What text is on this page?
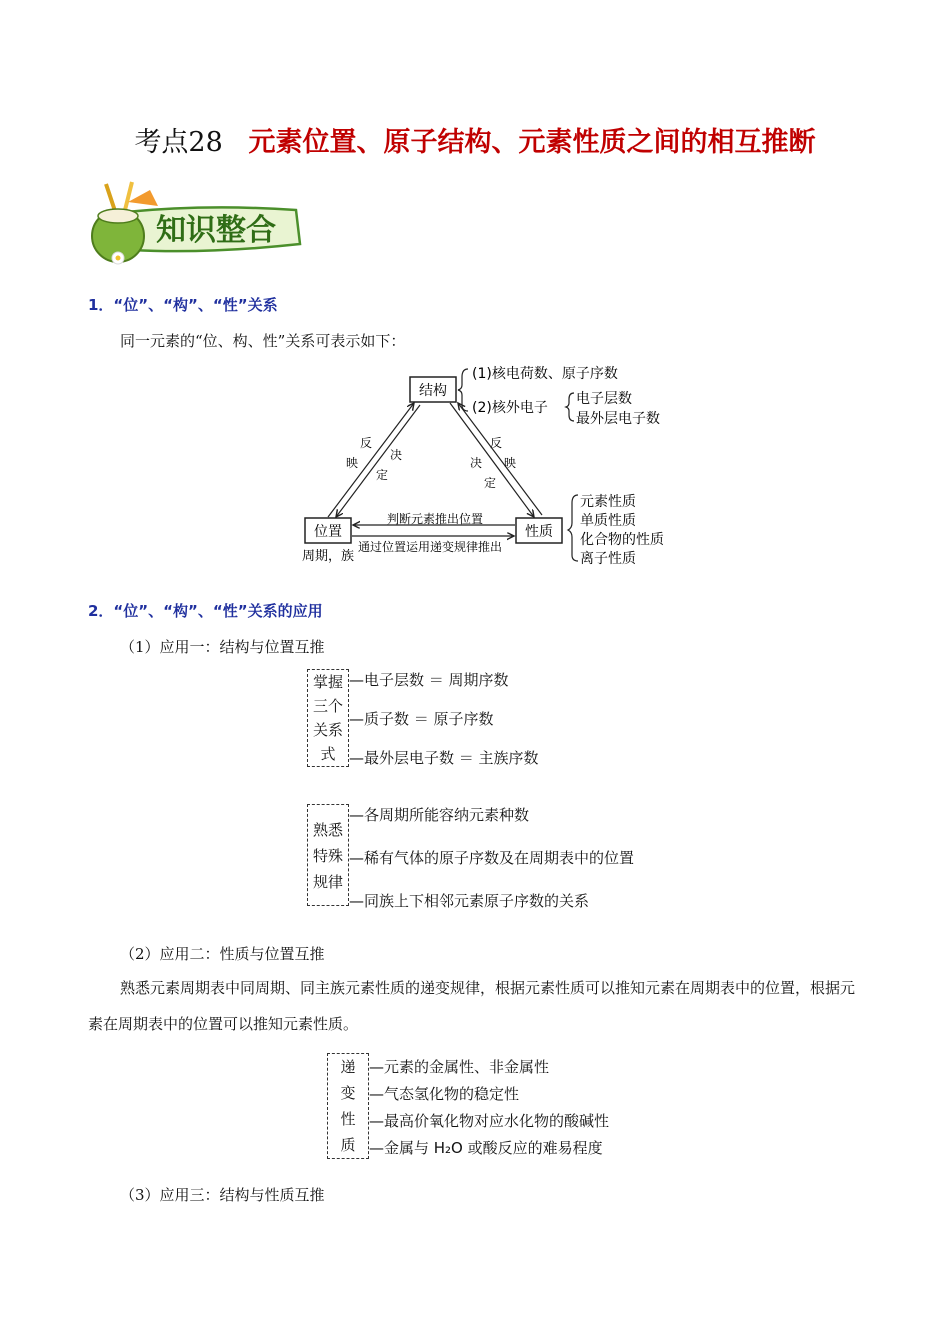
考点28 元素位置、原子结构、元素性质之间的相互推断
知识整合
1．“位”、“构”、“性”关系
同一元素的“位、构、性”关系可表示如下：
结构
位置	性质
判断元素推出位置
通过位置运用递变规律推出
周期，族
反
映
决
定
反
映
决
定
(1)核电荷数、原子序数
(2)核外电子
电子层数
最外层电子数
元素性质
单质性质
化合物的性质
离子性质
2．“位”、“构”、“性”关系的应用
（1）应用一：结构与位置互推
掌握
三个
关系
式
—电子层数 ＝ 周期序数
—质子数 ＝ 原子序数
—最外层电子数 ＝ 主族序数
熟悉
特殊
规律
—各周期所能容纳元素种数
—稀有气体的原子序数及在周期表中的位置
—同族上下相邻元素原子序数的关系
（2）应用二：性质与位置互推
熟悉元素周期表中同周期、同主族元素性质的递变规律，根据元素性质可以推知元素在周期表中的位置，根据元素在周期表中的位置可以推知元素性质。
递
变
性
质
—元素的金属性、非金属性
—气态氢化物的稳定性
—最高价氧化物对应水化物的酸碱性
—金属与 H₂O 或酸反应的难易程度
（3）应用三：结构与性质互推
